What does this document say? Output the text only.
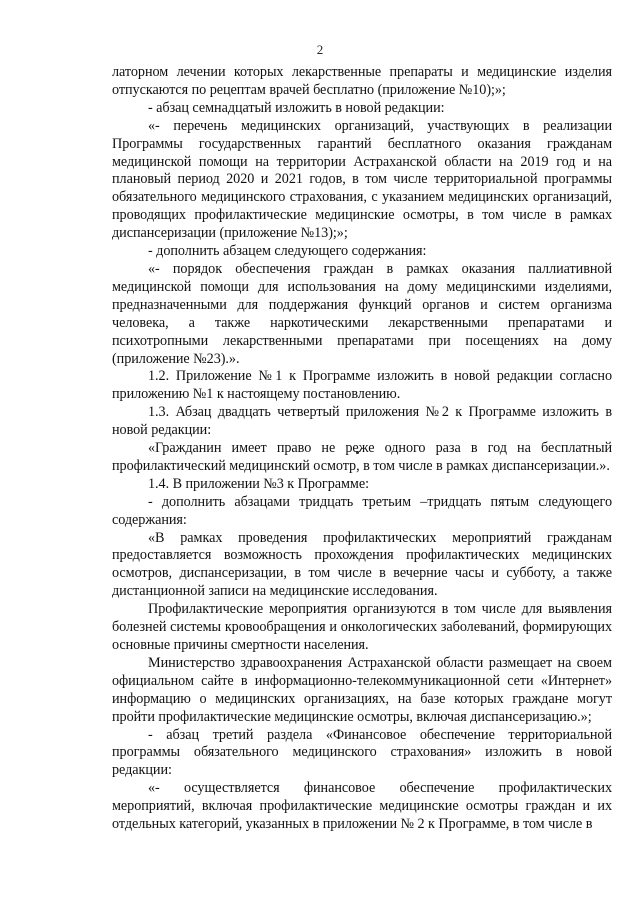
2

латорном лечении которых лекарственные препараты и медицинские изделия отпускаются по рецептам врачей бесплатно (приложение №10);»;

- абзац семнадцатый изложить в новой редакции:

«- перечень медицинских организаций, участвующих в реализации Программы государственных гарантий бесплатного оказания гражданам медицинской помощи на территории Астраханской области на 2019 год и на плановый период 2020 и 2021 годов, в том числе территориальной программы обязательного медицинского страхования, с указанием медицинских организаций, проводящих профилактические медицинские осмотры, в том числе в рамках диспансеризации (приложение №13);»;

- дополнить абзацем следующего содержания:

«- порядок обеспечения граждан в рамках оказания паллиативной медицинской помощи для использования на дому медицинскими изделиями, предназначенными для поддержания функций органов и систем организма человека, а также наркотическими лекарственными препаратами и психотропными лекарственными препаратами при посещениях на дому (приложение №23).».

1.2. Приложение №1 к Программе изложить в новой редакции согласно приложению №1 к настоящему постановлению.

1.3. Абзац двадцать четвертый приложения №2 к Программе изложить в новой редакции:

«Гражданин имеет право не реже одного раза в год на бесплатный профилактический медицинский осмотр, в том числе в рамках диспансеризации.».

1.4. В приложении №3 к Программе:

- дополнить абзацами тридцать третьим –тридцать пятым следующего содержания:

«В рамках проведения профилактических мероприятий гражданам предоставляется возможность прохождения профилактических медицинских осмотров, диспансеризации, в том числе в вечерние часы и субботу, а также дистанционной записи на медицинские исследования.

Профилактические мероприятия организуются в том числе для выявления болезней системы кровообращения и онкологических заболеваний, формирующих основные причины смертности населения.

Министерство здравоохранения Астраханской области размещает на своем официальном сайте в информационно-телекоммуникационной сети «Интернет» информацию о медицинских организациях, на базе которых граждане могут пройти профилактические медицинские осмотры, включая диспансеризацию.»;

- абзац третий раздела «Финансовое обеспечение территориальной программы обязательного медицинского страхования» изложить в новой редакции:

«- осуществляется финансовое обеспечение профилактических мероприятий, включая профилактические медицинские осмотры граждан и их отдельных категорий, указанных в приложении № 2 к Программе, в том числе в
